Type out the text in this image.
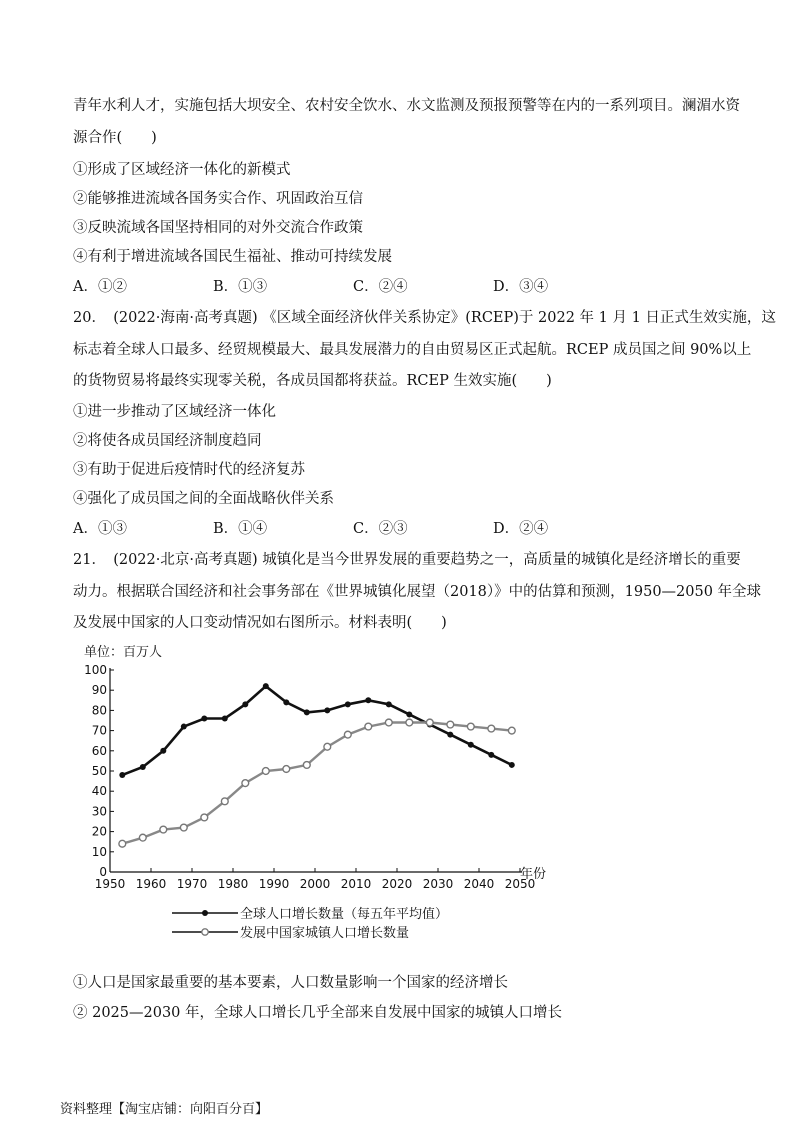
青年水利人才，实施包括大坝安全、农村安全饮水、水文监测及预报预警等在内的一系列项目。澜湄水资
源合作(　　)
①形成了区域经济一体化的新模式
②能够推进流域各国务实合作、巩固政治互信
③反映流域各国坚持相同的对外交流合作政策
④有利于增进流域各国民生福祉、推动可持续发展
A．①②	B．①③	C．②④	D．③④
20．　(2022·海南·高考真题) 《区域全面经济伙伴关系协定》(RCEP)于 2022 年 1 月 1 日正式生效实施，这
标志着全球人口最多、经贸规模最大、最具发展潜力的自由贸易区正式起航。RCEP 成员国之间 90%以上
的货物贸易将最终实现零关税，各成员国都将获益。RCEP 生效实施(　　)
①进一步推动了区域经济一体化
②将使各成员国经济制度趋同
③有助于促进后疫情时代的经济复苏
④强化了成员国之间的全面战略伙伴关系
A．①③	B．①④	C．②③	D．②④
21．　(2022·北京·高考真题) 城镇化是当今世界发展的重要趋势之一，高质量的城镇化是经济增长的重要
动力。根据联合国经济和社会事务部在《世界城镇化展望（2018）》中的估算和预测，1950—2050 年全球
及发展中国家的人口变动情况如右图所示。材料表明(　　)
0
10
20
30
40
50
60
70
80
90
100
1950 1960 1970 1980 1990 2000 2010 2020 2030 2040 2050
单位：百万人
年份
全球人口增长数量（每五年平均值）
发展中国家城镇人口增长数量
①人口是国家最重要的基本要素，人口数量影响一个国家的经济增长
② 2025—2030 年，全球人口增长几乎全部来自发展中国家的城镇人口增长
资料整理【淘宝店铺：向阳百分百】
